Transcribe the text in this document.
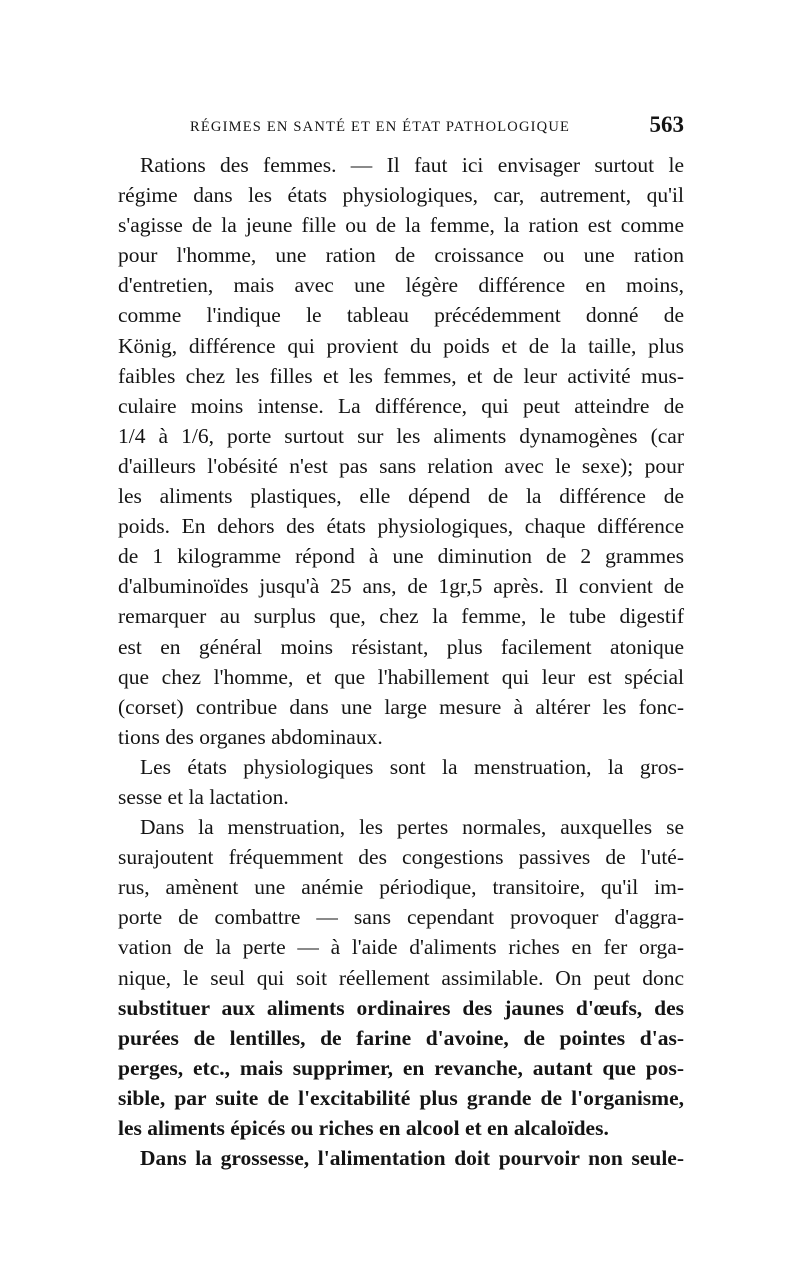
RÉGIMES EN SANTÉ ET EN ÉTAT PATHOLOGIQUE	563
Rations des femmes. — Il faut ici envisager surtout le
régime dans les états physiologiques, car, autrement, qu'il
s'agisse de la jeune fille ou de la femme, la ration est comme
pour l'homme, une ration de croissance ou une ration
d'entretien, mais avec une légère différence en moins,
comme l'indique le tableau précédemment donné de
König, différence qui provient du poids et de la taille, plus
faibles chez les filles et les femmes, et de leur activité mus-
culaire moins intense. La différence, qui peut atteindre de
1/4 à 1/6, porte surtout sur les aliments dynamogènes (car
d'ailleurs l'obésité n'est pas sans relation avec le sexe); pour
les aliments plastiques, elle dépend de la différence de
poids. En dehors des états physiologiques, chaque différence
de 1 kilogramme répond à une diminution de 2 grammes
d'albuminoïdes jusqu'à 25 ans, de 1gr,5 après. Il convient de
remarquer au surplus que, chez la femme, le tube digestif
est en général moins résistant, plus facilement atonique
que chez l'homme, et que l'habillement qui leur est spécial
(corset) contribue dans une large mesure à altérer les fonc-
tions des organes abdominaux.
Les états physiologiques sont la menstruation, la gros-
sesse et la lactation.
Dans la menstruation, les pertes normales, auxquelles se
surajoutent fréquemment des congestions passives de l'uté-
rus, amènent une anémie périodique, transitoire, qu'il im-
porte de combattre — sans cependant provoquer d'aggra-
vation de la perte — à l'aide d'aliments riches en fer orga-
nique, le seul qui soit réellement assimilable. On peut donc
substituer aux aliments ordinaires des jaunes d'œufs, des
purées de lentilles, de farine d'avoine, de pointes d'as-
perges, etc., mais supprimer, en revanche, autant que pos-
sible, par suite de l'excitabilité plus grande de l'organisme,
les aliments épicés ou riches en alcool et en alcaloïdes.
Dans la grossesse, l'alimentation doit pourvoir non seule-
